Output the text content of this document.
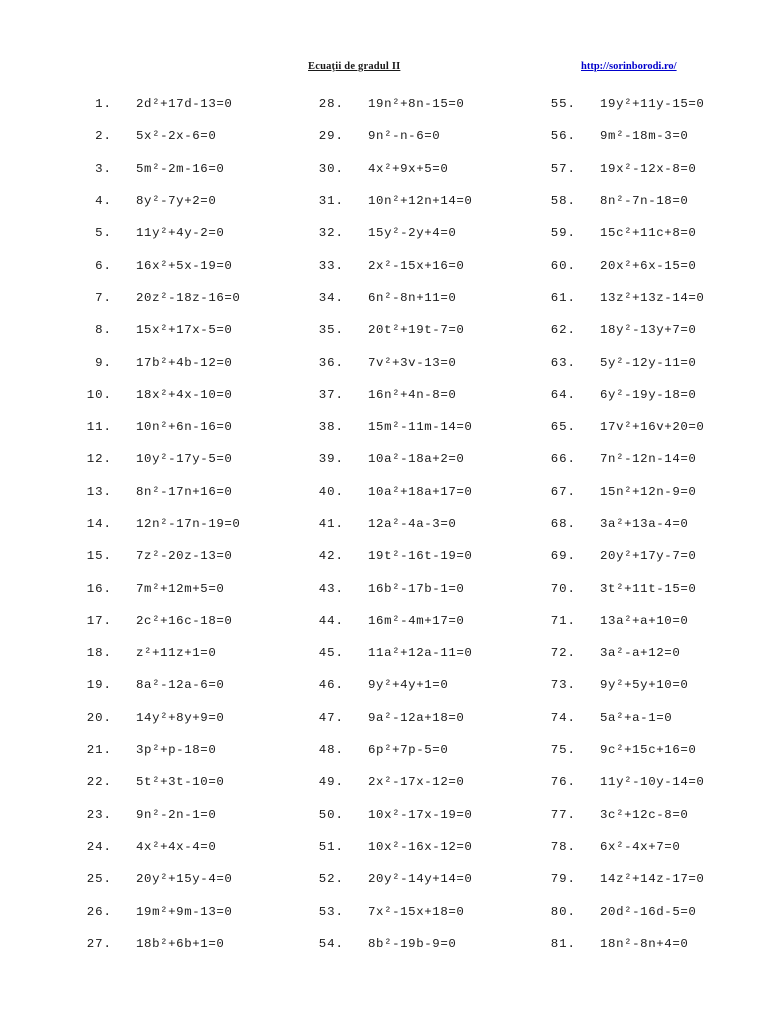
Ecuaţii de gradul II	http://sorinborodi.ro/
1.	2d²+17d-13=0
2.	5x²-2x-6=0
3.	5m²-2m-16=0
4.	8y²-7y+2=0
5.	11y²+4y-2=0
6.	16x²+5x-19=0
7.	20z²-18z-16=0
8.	15x²+17x-5=0
9.	17b²+4b-12=0
10.	18x²+4x-10=0
11.	10n²+6n-16=0
12.	10y²-17y-5=0
13.	8n²-17n+16=0
14.	12n²-17n-19=0
15.	7z²-20z-13=0
16.	7m²+12m+5=0
17.	2c²+16c-18=0
18.	z²+11z+1=0
19.	8a²-12a-6=0
20.	14y²+8y+9=0
21.	3p²+p-18=0
22.	5t²+3t-10=0
23.	9n²-2n-1=0
24.	4x²+4x-4=0
25.	20y²+15y-4=0
26.	19m²+9m-13=0
27.	18b²+6b+1=0
28.	19n²+8n-15=0
29.	9n²-n-6=0
30.	4x²+9x+5=0
31.	10n²+12n+14=0
32.	15y²-2y+4=0
33.	2x²-15x+16=0
34.	6n²-8n+11=0
35.	20t²+19t-7=0
36.	7v²+3v-13=0
37.	16n²+4n-8=0
38.	15m²-11m-14=0
39.	10a²-18a+2=0
40.	10a²+18a+17=0
41.	12a²-4a-3=0
42.	19t²-16t-19=0
43.	16b²-17b-1=0
44.	16m²-4m+17=0
45.	11a²+12a-11=0
46.	9y²+4y+1=0
47.	9a²-12a+18=0
48.	6p²+7p-5=0
49.	2x²-17x-12=0
50.	10x²-17x-19=0
51.	10x²-16x-12=0
52.	20y²-14y+14=0
53.	7x²-15x+18=0
54.	8b²-19b-9=0
55.	19y²+11y-15=0
56.	9m²-18m-3=0
57.	19x²-12x-8=0
58.	8n²-7n-18=0
59.	15c²+11c+8=0
60.	20x²+6x-15=0
61.	13z²+13z-14=0
62.	18y²-13y+7=0
63.	5y²-12y-11=0
64.	6y²-19y-18=0
65.	17v²+16v+20=0
66.	7n²-12n-14=0
67.	15n²+12n-9=0
68.	3a²+13a-4=0
69.	20y²+17y-7=0
70.	3t²+11t-15=0
71.	13a²+a+10=0
72.	3a²-a+12=0
73.	9y²+5y+10=0
74.	5a²+a-1=0
75.	9c²+15c+16=0
76.	11y²-10y-14=0
77.	3c²+12c-8=0
78.	6x²-4x+7=0
79.	14z²+14z-17=0
80.	20d²-16d-5=0
81.	18n²-8n+4=0
